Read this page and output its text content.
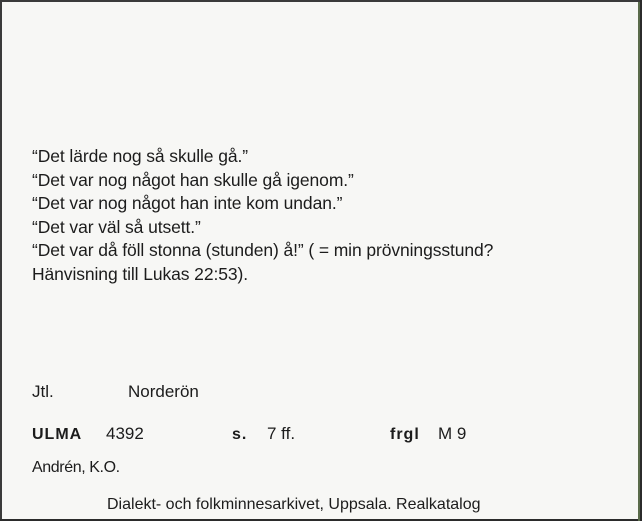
“Det lärde nog så skulle gå.”
“Det var nog något han skulle gå igenom.”
“Det var nog något han inte kom undan.”
“Det var väl så utsett.”
“Det var då föll stonna (stunden) å!” ( = min prövningsstund?
Hänvisning till Lukas 22:53).
Jtl.	Norderön
ULMA 4392	s. 7 ff.	frgl M 9
Andrén, K.O.
Dialekt- och folkminnesarkivet, Uppsala. Realkatalog
